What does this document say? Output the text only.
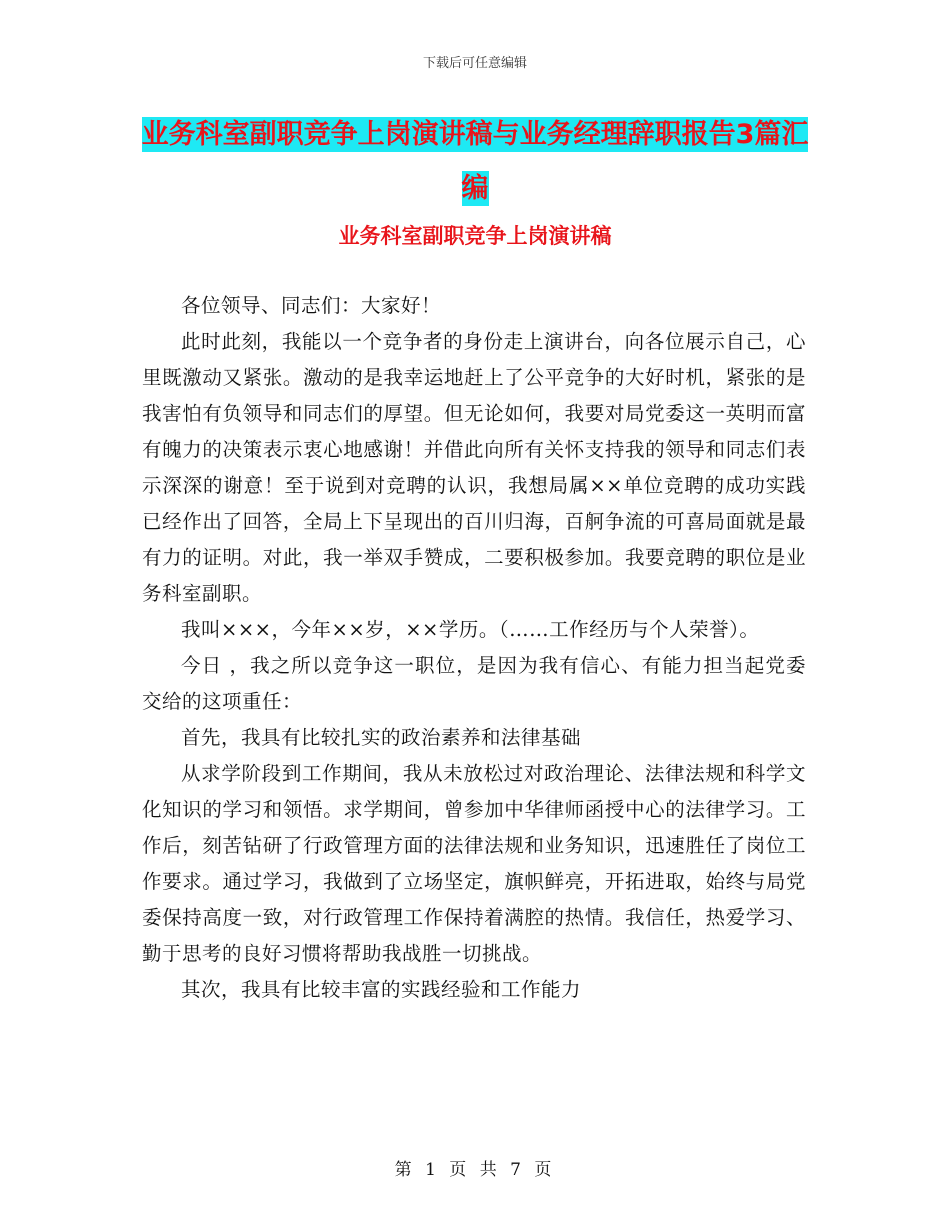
下载后可任意编辑
业务科室副职竞争上岗演讲稿与业务经理辞职报告3篇汇编
业务科室副职竞争上岗演讲稿

各位领导、同志们：大家好！

此时此刻，我能以一个竞争者的身份走上演讲台，向各位展示自己，心里既激动又紧张。激动的是我幸运地赶上了公平竞争的大好时机，紧张的是我害怕有负领导和同志们的厚望。但无论如何，我要对局党委这一英明而富有魄力的决策表示衷心地感谢！并借此向所有关怀支持我的领导和同志们表示深深的谢意！至于说到对竞聘的认识，我想局属××单位竞聘的成功实践已经作出了回答，全局上下呈现出的百川归海，百舸争流的可喜局面就是最有力的证明。对此，我一举双手赞成，二要积极参加。我要竞聘的职位是业务科室副职。

我叫×××，今年××岁，××学历。（……工作经历与个人荣誉）。

今日 ，我之所以竞争这一职位，是因为我有信心、有能力担当起党委交给的这项重任：

首先，我具有比较扎实的政治素养和法律基础

从求学阶段到工作期间，我从未放松过对政治理论、法律法规和科学文化知识的学习和领悟。求学期间，曾参加中华律师函授中心的法律学习。工作后，刻苦钻研了行政管理方面的法律法规和业务知识，迅速胜任了岗位工作要求。通过学习，我做到了立场坚定，旗帜鲜亮，开拓进取，始终与局党委保持高度一致，对行政管理工作保持着满腔的热情。我信任，热爱学习、勤于思考的良好习惯将帮助我战胜一切挑战。

其次，我具有比较丰富的实践经验和工作能力

第 1 页 共 7 页
